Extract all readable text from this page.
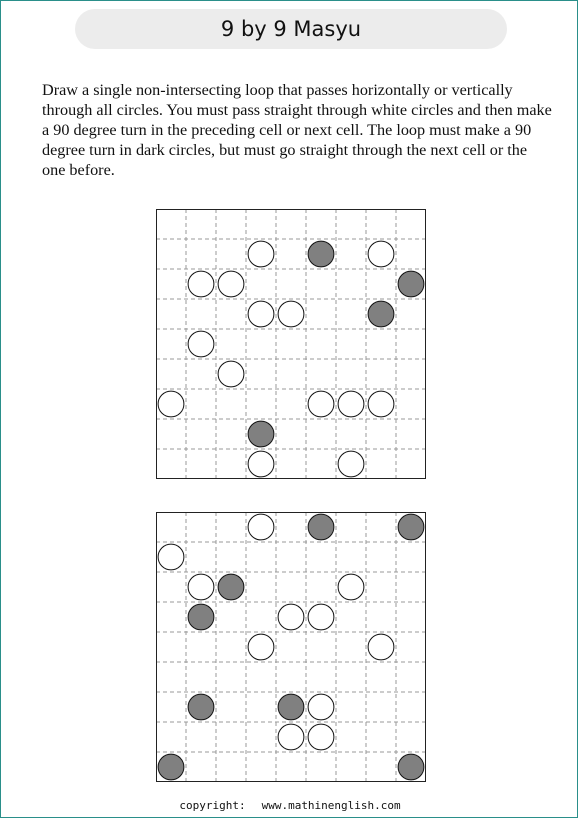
9 by 9 Masyu

Draw a single non-intersecting loop that passes horizontally or vertically through all circles. You must pass straight through white circles and then make a 90 degree turn in the preceding cell or next cell. The loop must make a 90 degree turn in dark circles, but must go straight through the next cell or the one before.

copyright: www.mathinenglish.com
